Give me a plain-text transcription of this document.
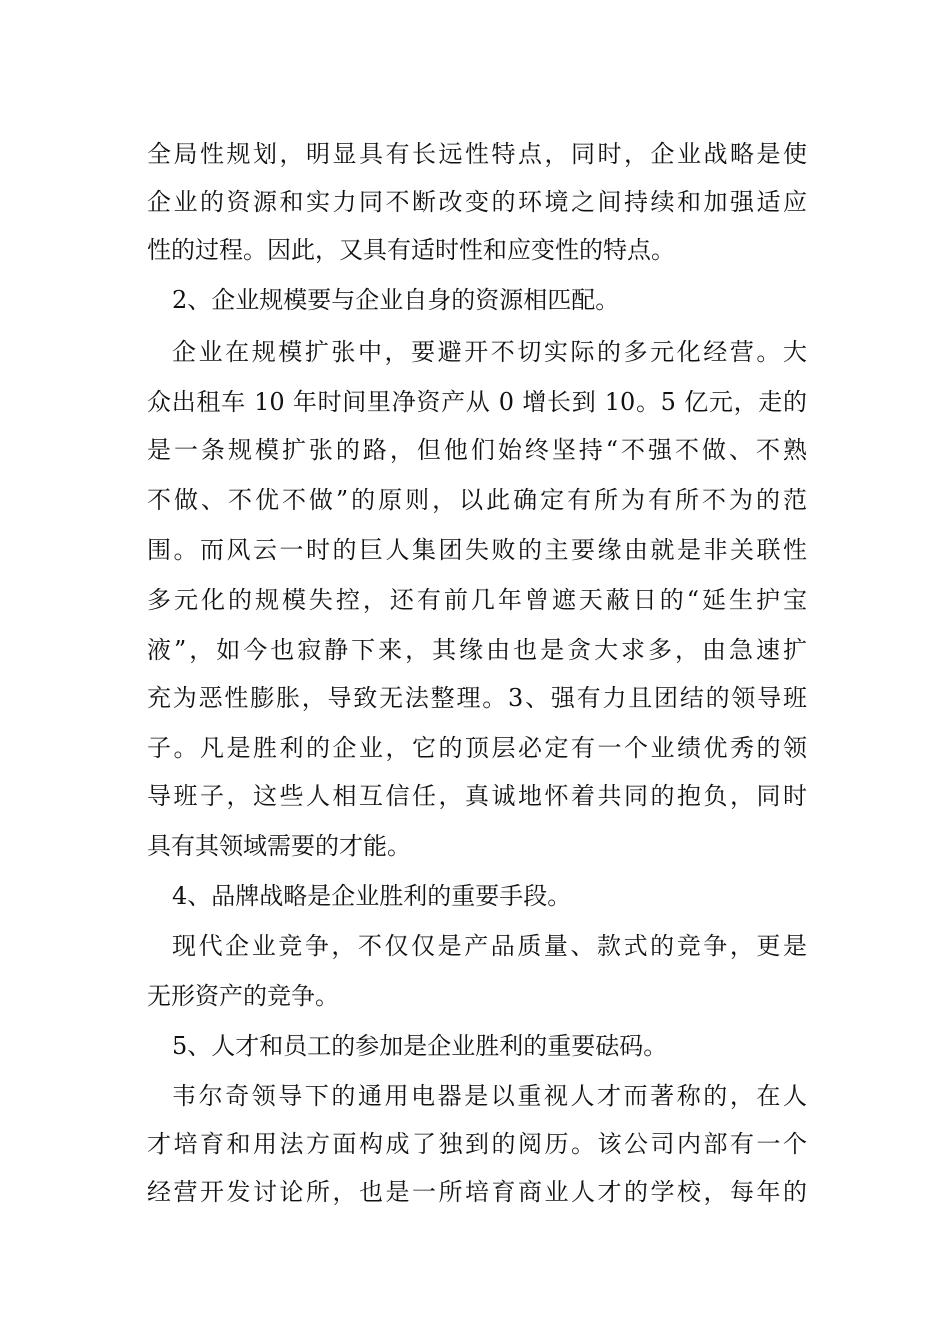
全局性规划，明显具有长远性特点，同时，企业战略是使
企业的资源和实力同不断改变的环境之间持续和加强适应
性的过程。因此，又具有适时性和应变性的特点。
2、企业规模要与企业自身的资源相匹配。
企业在规模扩张中，要避开不切实际的多元化经营。大
众出租车 10 年时间里净资产从 0 增长到 10。5 亿元，走的
是一条规模扩张的路，但他们始终坚持“不强不做、不熟
不做、不优不做”的原则，以此确定有所为有所不为的范
围。而风云一时的巨人集团失败的主要缘由就是非关联性
多元化的规模失控，还有前几年曾遮天蔽日的“延生护宝
液”，如今也寂静下来，其缘由也是贪大求多，由急速扩
充为恶性膨胀，导致无法整理。3、强有力且团结的领导班
子。凡是胜利的企业，它的顶层必定有一个业绩优秀的领
导班子，这些人相互信任，真诚地怀着共同的抱负，同时
具有其领域需要的才能。
4、品牌战略是企业胜利的重要手段。
现代企业竞争，不仅仅是产品质量、款式的竞争，更是
无形资产的竞争。
5、人才和员工的参加是企业胜利的重要砝码。
韦尔奇领导下的通用电器是以重视人才而著称的，在人
才培育和用法方面构成了独到的阅历。该公司内部有一个
经营开发讨论所，也是一所培育商业人才的学校，每年的
